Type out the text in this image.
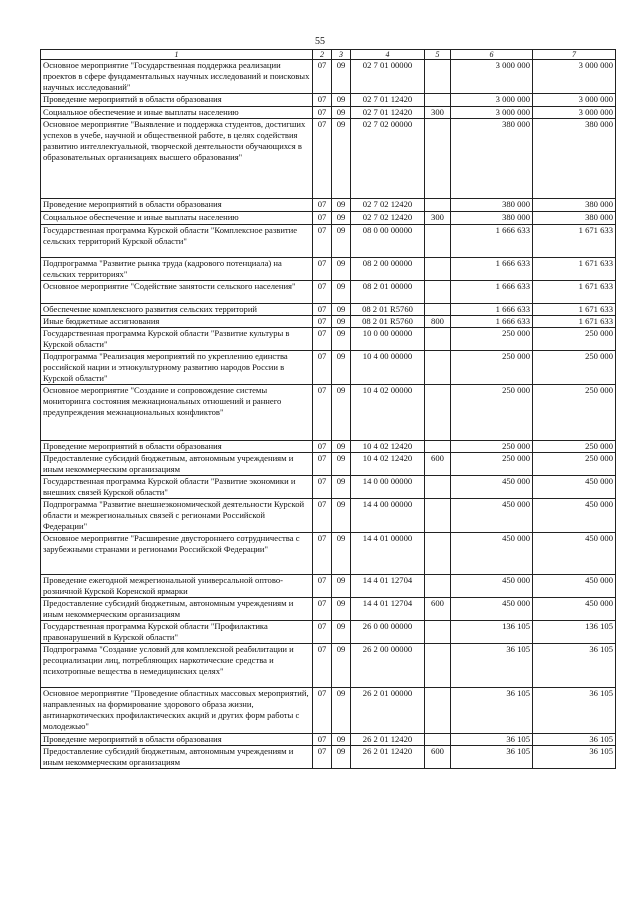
55
1	2	3	4	5	6	7
Основное мероприятие "Государственная поддержка реализации проектов в сфере фундаментальных научных исследований и поисковых научных исследований"	07	09	02 7 01 00000		3 000 000	3 000 000
Проведение мероприятий в области образования	07	09	02 7 01 12420		3 000 000	3 000 000
Социальное обеспечение и иные выплаты населению	07	09	02 7 01 12420	300	3 000 000	3 000 000
Основное мероприятие "Выявление и поддержка студентов, достигших успехов в учебе, научной и общественной работе, в целях содействия развитию интеллектуальной, творческой деятельности обучающихся в образовательных организациях высшего образования"	07	09	02 7 02 00000		380 000	380 000
Проведение мероприятий в области образования	07	09	02 7 02 12420		380 000	380 000
Социальное обеспечение и иные выплаты населению	07	09	02 7 02 12420	300	380 000	380 000
Государственная программа Курской области "Комплексное развитие сельских территорий Курской области"	07	09	08 0 00 00000		1 666 633	1 671 633
Подпрограмма "Развитие рынка труда (кадрового потенциала) на сельских территориях"	07	09	08 2 00 00000		1 666 633	1 671 633
Основное мероприятие "Содействие занятости сельского населения"	07	09	08 2 01 00000		1 666 633	1 671 633
Обеспечение комплексного развития сельских территорий	07	09	08 2 01 R5760		1 666 633	1 671 633
Иные бюджетные ассигнования	07	09	08 2 01 R5760	800	1 666 633	1 671 633
Государственная программа Курской области "Развитие культуры в Курской области"	07	09	10 0 00 00000		250 000	250 000
Подпрограмма "Реализация мероприятий по укреплению единства российской нации и этнокультурному развитию народов России в Курской области"	07	09	10 4 00 00000		250 000	250 000
Основное мероприятие "Создание и сопровождение системы мониторинга состояния межнациональных отношений и раннего предупреждения межнациональных конфликтов"	07	09	10 4 02 00000		250 000	250 000
Проведение мероприятий в области образования	07	09	10 4 02 12420		250 000	250 000
Предоставление субсидий бюджетным, автономным учреждениям и иным некоммерческим организациям	07	09	10 4 02 12420	600	250 000	250 000
Государственная программа Курской области "Развитие экономики и внешних связей Курской области"	07	09	14 0 00 00000		450 000	450 000
Подпрограмма "Развитие внешнеэкономической деятельности Курской области и межрегиональных связей с регионами Российской Федерации"	07	09	14 4 00 00000		450 000	450 000
Основное мероприятие "Расширение двустороннего сотрудничества с зарубежными странами и регионами Российской Федерации"	07	09	14 4 01 00000		450 000	450 000
Проведение ежегодной межрегиональной универсальной оптово-розничной Курской Коренской ярмарки	07	09	14 4 01 12704		450 000	450 000
Предоставление субсидий бюджетным, автономным учреждениям и иным некоммерческим организациям	07	09	14 4 01 12704	600	450 000	450 000
Государственная программа Курской области "Профилактика правонарушений в Курской области"	07	09	26 0 00 00000		136 105	136 105
Подпрограмма "Создание условий для комплексной реабилитации и ресоциализации лиц, потребляющих наркотические средства и психотропные вещества в немедицинских целях"	07	09	26 2 00 00000		36 105	36 105
Основное мероприятие "Проведение областных массовых мероприятий, направленных на формирование здорового образа жизни, антинаркотических профилактических акций и других форм работы с молодежью"	07	09	26 2 01 00000		36 105	36 105
Проведение мероприятий в области образования	07	09	26 2 01 12420		36 105	36 105
Предоставление субсидий бюджетным, автономным учреждениям и иным некоммерческим организациям	07	09	26 2 01 12420	600	36 105	36 105
